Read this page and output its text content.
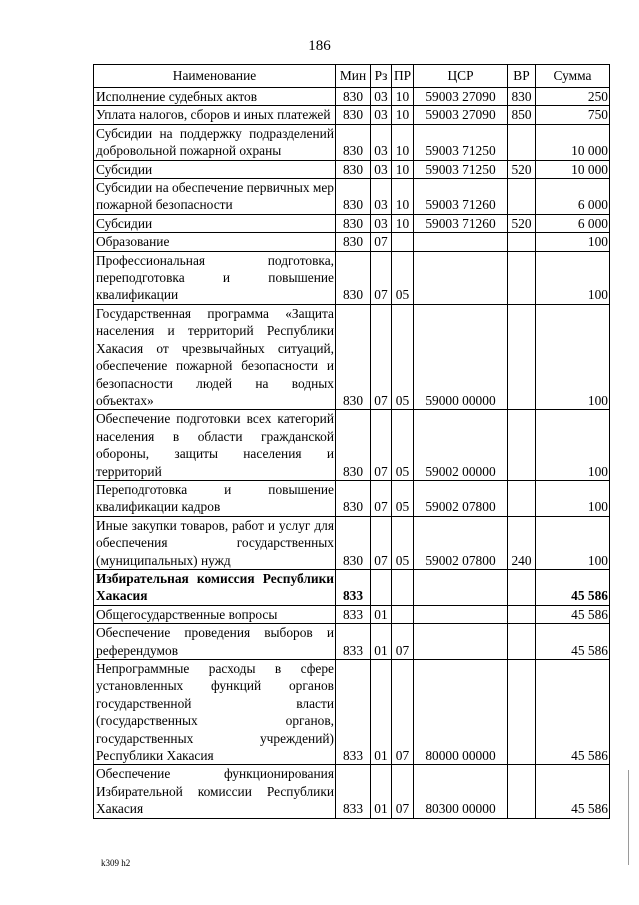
186
Наименование	Мин	Рз	ПР	ЦСР	ВР	Сумма
Исполнение судебных актов	830	03	10	59003 27090	830	250
Уплата налогов, сборов и иных платежей	830	03	10	59003 27090	850	750
Субсидии на поддержку подразделений добровольной пожарной охраны	830	03	10	59003 71250		10 000
Субсидии	830	03	10	59003 71250	520	10 000
Субсидии на обеспечение первичных мер пожарной безопасности	830	03	10	59003 71260		6 000
Субсидии	830	03	10	59003 71260	520	6 000
Образование	830	07				100
Профессиональная подготовка, переподготовка и повышение квалификации	830	07	05			100
Государственная программа «Защита населения и территорий Республики Хакасия от чрезвычайных ситуаций, обеспечение пожарной безопасности и безопасности людей на водных объектах»	830	07	05	59000 00000		100
Обеспечение подготовки всех категорий населения в области гражданской обороны, защиты населения и территорий	830	07	05	59002 00000		100
Переподготовка и повышение квалификации кадров	830	07	05	59002 07800		100
Иные закупки товаров, работ и услуг для обеспечения государственных (муниципальных) нужд	830	07	05	59002 07800	240	100
Избирательная комиссия Республики Хакасия	833					45 586
Общегосударственные вопросы	833	01				45 586
Обеспечение проведения выборов и референдумов	833	01	07			45 586
Непрограммные расходы в сфере установленных функций органов государственной власти (государственных органов, государственных учреждений) Республики Хакасия	833	01	07	80000 00000		45 586
Обеспечение функционирования Избирательной комиссии Республики Хакасия	833	01	07	80300 00000		45 586
k309 h2
